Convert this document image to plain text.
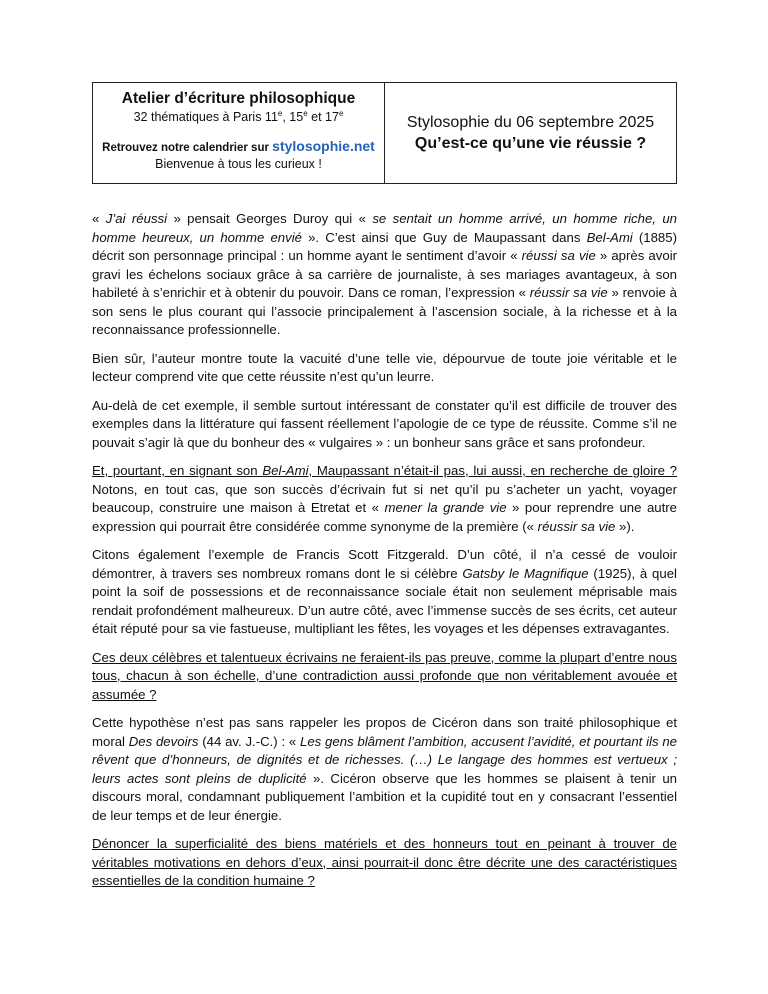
Atelier d’écriture philosophique
32 thématiques à Paris 11e, 15e et 17e
Retrouvez notre calendrier sur stylosophie.net
Bienvenue à tous les curieux !
Stylosophie du 06 septembre 2025
Qu’est-ce qu’une vie réussie ?

« J’ai réussi » pensait Georges Duroy qui « se sentait un homme arrivé, un homme riche, un homme heureux, un homme envié ». C’est ainsi que Guy de Maupassant dans Bel-Ami (1885) décrit son personnage principal : un homme ayant le sentiment d’avoir « réussi sa vie » après avoir gravi les échelons sociaux grâce à sa carrière de journaliste, à ses mariages avantageux, à son habileté à s’enrichir et à obtenir du pouvoir. Dans ce roman, l’expression « réussir sa vie » renvoie à son sens le plus courant qui l’associe principalement à l’ascension sociale, à la richesse et à la reconnaissance professionnelle.

Bien sûr, l’auteur montre toute la vacuité d’une telle vie, dépourvue de toute joie véritable et le lecteur comprend vite que cette réussite n’est qu’un leurre.

Au-delà de cet exemple, il semble surtout intéressant de constater qu’il est difficile de trouver des exemples dans la littérature qui fassent réellement l’apologie de ce type de réussite. Comme s’il ne pouvait s’agir là que du bonheur des « vulgaires » : un bonheur sans grâce et sans profondeur.

Et, pourtant, en signant son Bel-Ami, Maupassant n’était-il pas, lui aussi, en recherche de gloire ? Notons, en tout cas, que son succès d’écrivain fut si net qu’il pu s’acheter un yacht, voyager beaucoup, construire une maison à Etretat et « mener la grande vie » pour reprendre une autre expression qui pourrait être considérée comme synonyme de la première (« réussir sa vie »).

Citons également l’exemple de Francis Scott Fitzgerald. D’un côté, il n’a cessé de vouloir démontrer, à travers ses nombreux romans dont le si célèbre Gatsby le Magnifique (1925), à quel point la soif de possessions et de reconnaissance sociale était non seulement méprisable mais rendait profondément malheureux. D’un autre côté, avec l’immense succès de ses écrits, cet auteur était réputé pour sa vie fastueuse, multipliant les fêtes, les voyages et les dépenses extravagantes.

Ces deux célèbres et talentueux écrivains ne feraient-ils pas preuve, comme la plupart d’entre nous tous, chacun à son échelle, d’une contradiction aussi profonde que non véritablement avouée et assumée ?

Cette hypothèse n’est pas sans rappeler les propos de Cicéron dans son traité philosophique et moral Des devoirs (44 av. J.-C.) : « Les gens blâment l’ambition, accusent l’avidité, et pourtant ils ne rêvent que d’honneurs, de dignités et de richesses. (…) Le langage des hommes est vertueux ; leurs actes sont pleins de duplicité ». Cicéron observe que les hommes se plaisent à tenir un discours moral, condamnant publiquement l’ambition et la cupidité tout en y consacrant l’essentiel de leur temps et de leur énergie.

Dénoncer la superficialité des biens matériels et des honneurs tout en peinant à trouver de véritables motivations en dehors d’eux, ainsi pourrait-il donc être décrite une des caractéristiques essentielles de la condition humaine ?
